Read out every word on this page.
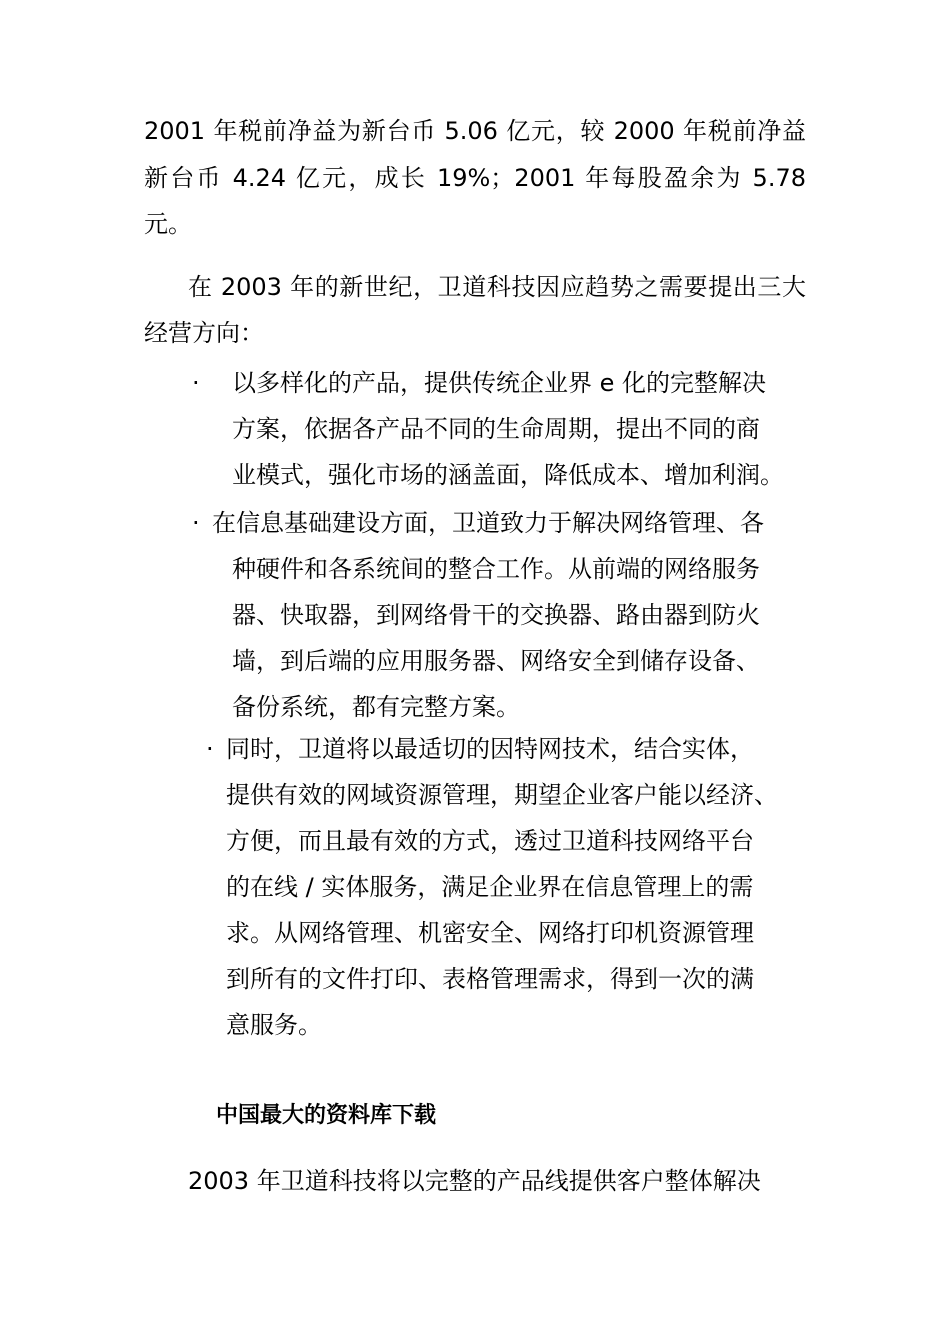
2001 年税前净益为新台币 5.06 亿元，较 2000 年税前净益新台币 4.24 亿元，成长 19%；2001 年每股盈余为 5.78 元。

在 2003 年的新世纪，卫道科技因应趋势之需要提出三大经营方向：

· 以多样化的产品，提供传统企业界 e 化的完整解决
方案，依据各产品不同的生命周期，提出不同的商
业模式，强化市场的涵盖面，降低成本、增加利润。
· 在信息基础建设方面，卫道致力于解决网络管理、各
种硬件和各系统间的整合工作。从前端的网络服务
器、快取器，到网络骨干的交换器、路由器到防火
墙，到后端的应用服务器、网络安全到储存设备、
备份系统，都有完整方案。
· 同时，卫道将以最适切的因特网技术，结合实体，
提供有效的网域资源管理，期望企业客户能以经济、
方便，而且最有效的方式，透过卫道科技网络平台
的在线 / 实体服务，满足企业界在信息管理上的需
求。从网络管理、机密安全、网络打印机资源管理
到所有的文件打印、表格管理需求，得到一次的满
意服务。
中国最大的资料库下载

2003 年卫道科技将以完整的产品线提供客户整体解决
